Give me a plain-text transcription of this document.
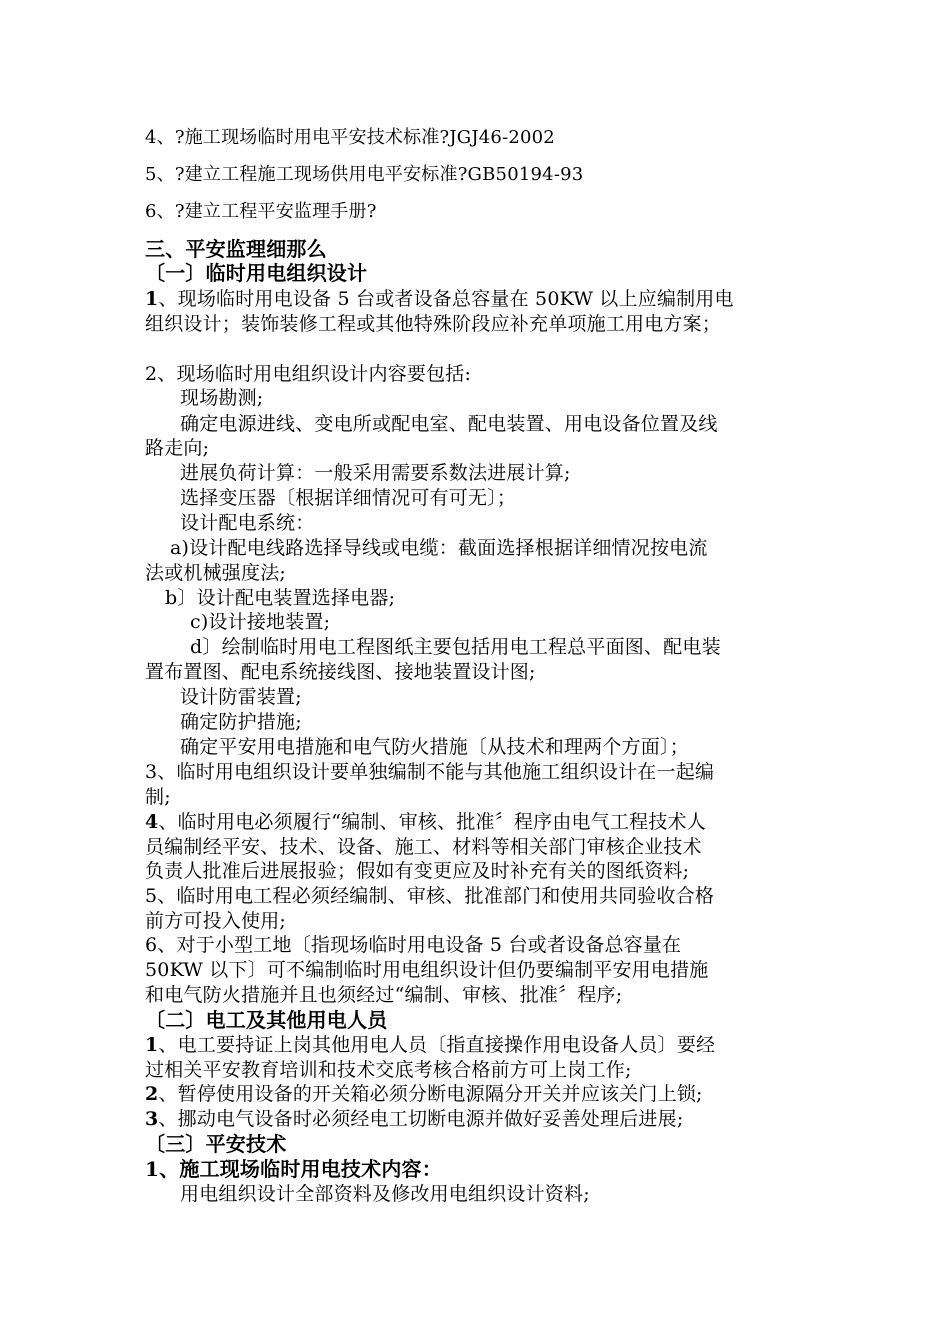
4、?施工现场临时用电平安技术标准?JGJ46-2002
5、?建立工程施工现场供用电平安标准?GB50194-93
6、?建立工程平安监理手册?
三、平安监理细那么
〔一〕临时用电组织设计
1、现场临时用电设备 5 台或者设备总容量在 50KW 以上应编制用电
组织设计；装饰装修工程或其他特殊阶段应补充单项施工用电方案；
2、现场临时用电组织设计内容要包括:
现场勘测;
确定电源进线、变电所或配电室、配电装置、用电设备位置及线
路走向;
进展负荷计算：一般采用需要系数法进展计算;
选择变压器〔根据详细情况可有可无〕；
设计配电系统：
a)设计配电线路选择导线或电缆：截面选择根据详细情况按电流
法或机械强度法;
b〕设计配电装置选择电器;
c)设计接地装置;
d〕绘制临时用电工程图纸主要包括用电工程总平面图、配电装
置布置图、配电系统接线图、接地装置设计图;
设计防雷装置;
确定防护措施;
确定平安用电措施和电气防火措施〔从技术和理两个方面〕；
3、临时用电组织设计要单独编制不能与其他施工组织设计在一起编
制;
4、临时用电必须履行“编制、审核、批准〞程序由电气工程技术人
员编制经平安、技术、设备、施工、材料等相关部门审核企业技术
负责人批准后进展报验；假如有变更应及时补充有关的图纸资料;
5、临时用电工程必须经编制、审核、批准部门和使用共同验收合格
前方可投入使用;
6、对于小型工地〔指现场临时用电设备 5 台或者设备总容量在
50KW 以下〕可不编制临时用电组织设计但仍要编制平安用电措施
和电气防火措施并且也须经过“编制、审核、批准〞程序;
〔二〕电工及其他用电人员
1、电工要持证上岗其他用电人员〔指直接操作用电设备人员〕要经
过相关平安教育培训和技术交底考核合格前方可上岗工作;
2、暂停使用设备的开关箱必须分断电源隔分开关并应该关门上锁;
3、挪动电气设备时必须经电工切断电源并做好妥善处理后进展;
〔三〕平安技术
1、施工现场临时用电技术内容：
用电组织设计全部资料及修改用电组织设计资料;
